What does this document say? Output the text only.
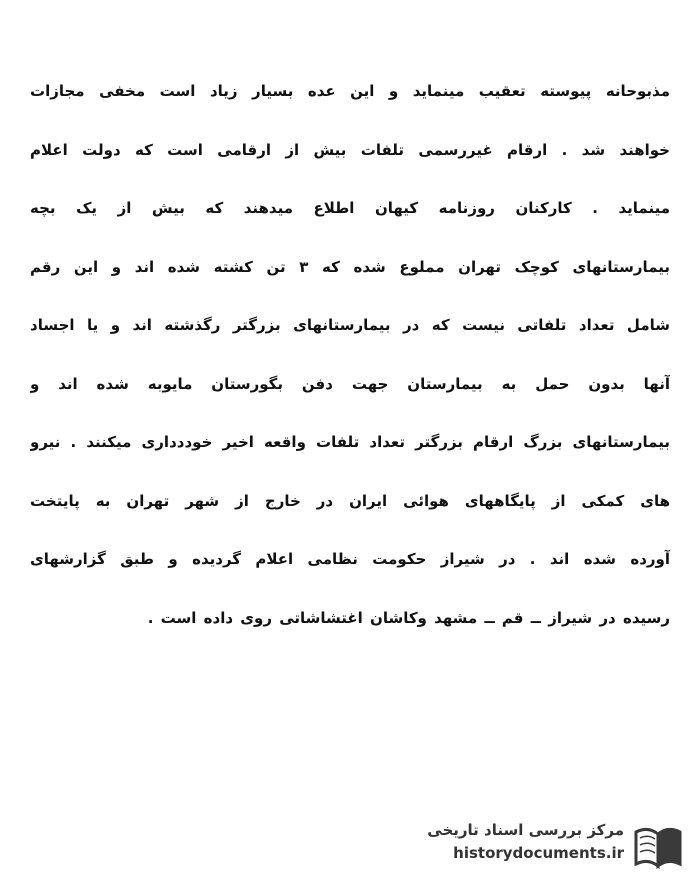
مذبوحانه پیوسته تعقیب مینماید و این عده بسیار زیاد است مخفی مجازات
خواهند شد . ارقام غیررسمی تلفات بیش از ارقامی است که دولت اعلام
مینماید . کارکنان روزنامه کیهان اطلاع میدهند که بیش از یک بچه
بیمارستانهای کوچک تهران مملوع شده که ۳ تن کشته شده اند و این رقم
شامل تعداد تلفاتی نیست که در بیمارستانهای بزرگتر رگذشته اند و یا اجساد
آنها بدون حمل به بیمارستان جهت دفن بگورستان مایوبه شده اند و
بیمارستانهای بزرگ ارقام بزرگتر تعداد تلفات واقعه اخیر خوددداری میکنند . نیرو
های کمکی از پایگاههای هوائی ایران در خارج از شهر تهران به پایتخت
آورده شده اند . در شیراز حکومت نظامی اعلام گردیده و طبق گزارشهای
رسیده در شیراز ــ قم ــ مشهد وکاشان اغتشاشاتی روی داده است .
مرکز بررسی اسناد تاریخی
historydocuments.ir
